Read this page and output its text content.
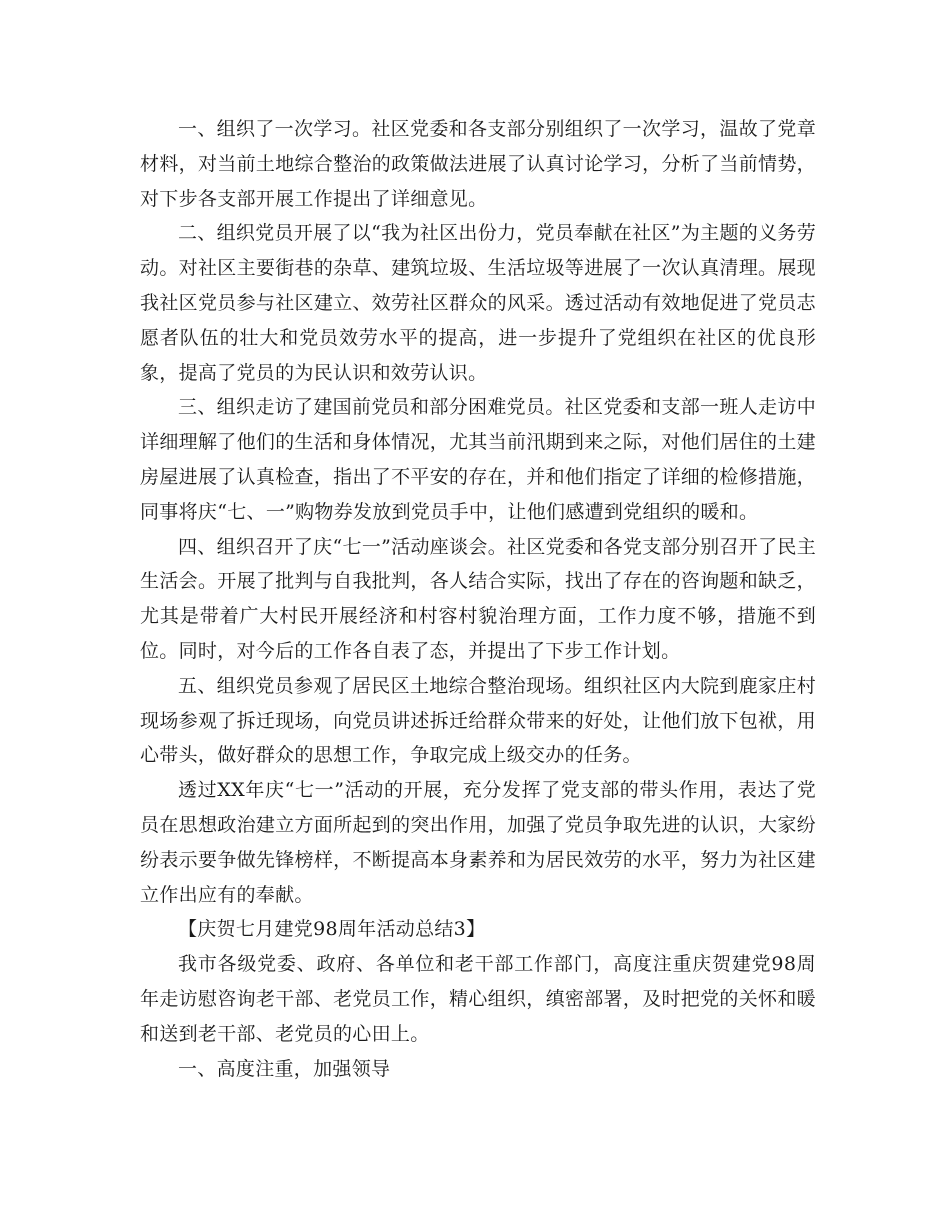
一、组织了一次学习。社区党委和各支部分别组织了一次学习，温故了党章材料，对当前土地综合整治的政策做法进展了认真讨论学习，分析了当前情势，对下步各支部开展工作提出了详细意见。

二、组织党员开展了以“我为社区出份力，党员奉献在社区”为主题的义务劳动。对社区主要街巷的杂草、建筑垃圾、生活垃圾等进展了一次认真清理。展现我社区党员参与社区建立、效劳社区群众的风采。透过活动有效地促进了党员志愿者队伍的壮大和党员效劳水平的提高，进一步提升了党组织在社区的优良形象，提高了党员的为民认识和效劳认识。

三、组织走访了建国前党员和部分困难党员。社区党委和支部一班人走访中详细理解了他们的生活和身体情况，尤其当前汛期到来之际，对他们居住的土建房屋进展了认真检查，指出了不平安的存在，并和他们指定了详细的检修措施，同事将庆“七、一”购物券发放到党员手中，让他们感遭到党组织的暖和。

四、组织召开了庆“七一”活动座谈会。社区党委和各党支部分别召开了民主生活会。开展了批判与自我批判，各人结合实际，找出了存在的咨询题和缺乏，尤其是带着广大村民开展经济和村容村貌治理方面，工作力度不够，措施不到位。同时，对今后的工作各自表了态，并提出了下步工作计划。

五、组织党员参观了居民区土地综合整治现场。组织社区内大院到鹿家庄村现场参观了拆迁现场，向党员讲述拆迁给群众带来的好处，让他们放下包袱，用心带头，做好群众的思想工作，争取完成上级交办的任务。

透过XX年庆“七一”活动的开展，充分发挥了党支部的带头作用，表达了党员在思想政治建立方面所起到的突出作用，加强了党员争取先进的认识，大家纷纷表示要争做先锋榜样，不断提高本身素养和为居民效劳的水平，努力为社区建立作出应有的奉献。

【庆贺七月建党98周年活动总结3】

我市各级党委、政府、各单位和老干部工作部门，高度注重庆贺建党98周年走访慰咨询老干部、老党员工作，精心组织，缜密部署，及时把党的关怀和暖和送到老干部、老党员的心田上。

一、高度注重，加强领导
